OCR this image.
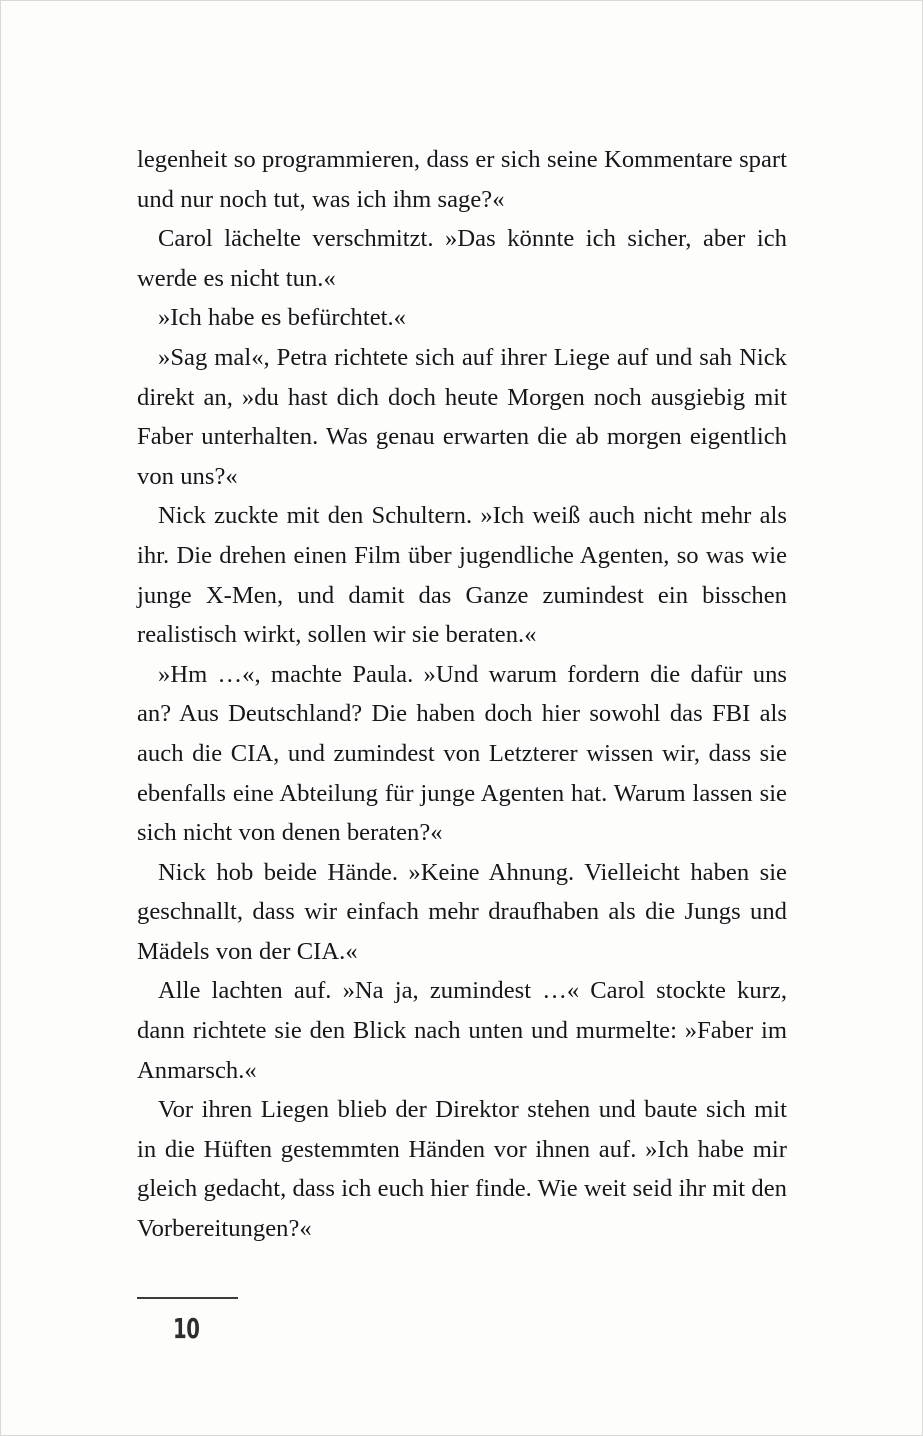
legenheit so programmieren, dass er sich seine Kommentare spart und nur noch tut, was ich ihm sage?«

Carol lächelte verschmitzt. »Das könnte ich sicher, aber ich werde es nicht tun.«

»Ich habe es befürchtet.«

»Sag mal«, Petra richtete sich auf ihrer Liege auf und sah Nick direkt an, »du hast dich doch heute Morgen noch ausgiebig mit Faber unterhalten. Was genau erwarten die ab morgen eigentlich von uns?«

Nick zuckte mit den Schultern. »Ich weiß auch nicht mehr als ihr. Die drehen einen Film über jugendliche Agenten, so was wie junge X-Men, und damit das Ganze zumindest ein bisschen realistisch wirkt, sollen wir sie beraten.«

»Hm …«, machte Paula. »Und warum fordern die dafür uns an? Aus Deutschland? Die haben doch hier sowohl das FBI als auch die CIA, und zumindest von Letzterer wissen wir, dass sie ebenfalls eine Abteilung für junge Agenten hat. Warum lassen sie sich nicht von denen beraten?«

Nick hob beide Hände. »Keine Ahnung. Vielleicht haben sie geschnallt, dass wir einfach mehr draufhaben als die Jungs und Mädels von der CIA.«

Alle lachten auf. »Na ja, zumindest …« Carol stockte kurz, dann richtete sie den Blick nach unten und murmelte: »Faber im Anmarsch.«

Vor ihren Liegen blieb der Direktor stehen und baute sich mit in die Hüften gestemmten Händen vor ihnen auf. »Ich habe mir gleich gedacht, dass ich euch hier finde. Wie weit seid ihr mit den Vorbereitungen?«

10
